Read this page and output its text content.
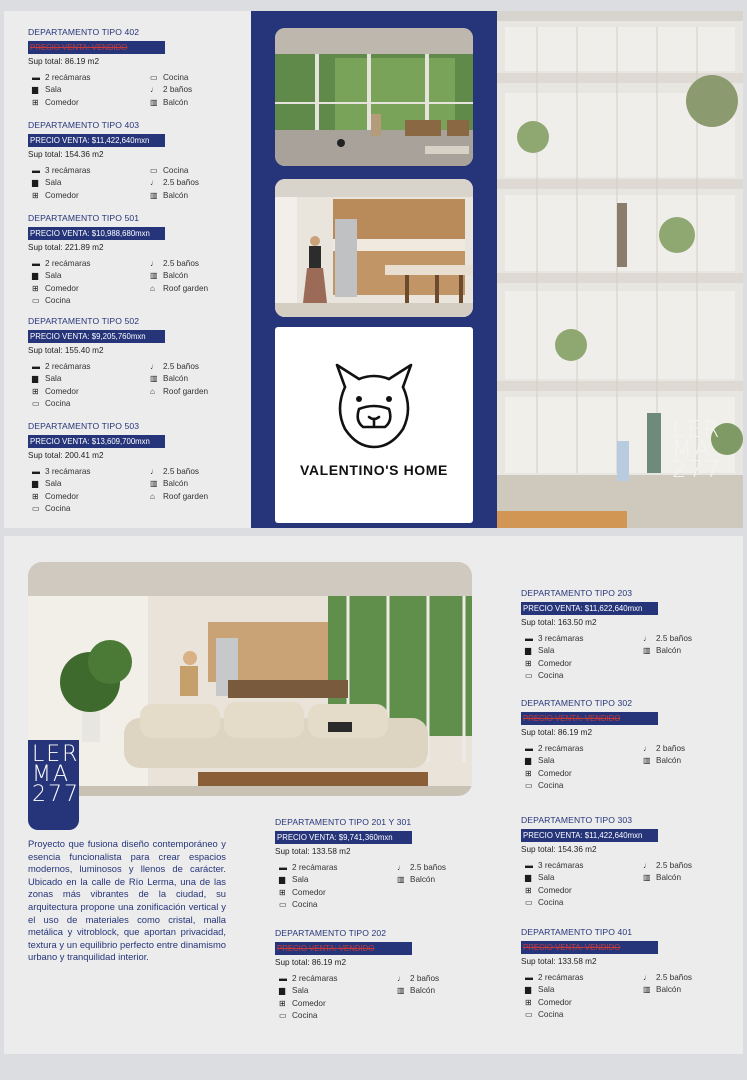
DEPARTAMENTO TIPO 402
PRECIO VENTA: VENDIDO
Sup total: 86.19 m2
▬ 2 recámaras
▆ Sala
⊞ Comedor
▭ Cocina
♩ 2 baños
▥ Balcón
DEPARTAMENTO TIPO 403
PRECIO VENTA: $11,422,640mxn
Sup total: 154.36 m2
▬ 3 recámaras
▆ Sala
⊞ Comedor
▭ Cocina
♩ 2.5 baños
▥ Balcón
DEPARTAMENTO TIPO 501
PRECIO VENTA: $10,988,680mxn
Sup total: 221.89 m2
▬ 2 recámaras
▆ Sala
⊞ Comedor
▭ Cocina
♩ 2.5 baños
▥ Balcón
⌂ Roof garden
DEPARTAMENTO TIPO 502
PRECIO VENTA: $9,205,760mxn
Sup total: 155.40 m2
▬ 2 recámaras
▆ Sala
⊞ Comedor
▭ Cocina
♩ 2.5 baños
▥ Balcón
⌂ Roof garden
DEPARTAMENTO TIPO 503
PRECIO VENTA: $13,609,700mxn
Sup total: 200.41 m2
▬ 3 recámaras
▆ Sala
⊞ Comedor
▭ Cocina
♩ 2.5 baños
▥ Balcón
⌂ Roof garden
VALENTINO'S HOME
LER
MA
277
LER
MA
277
Proyecto que fusiona diseño contemporáneo y esencia funcionalista para crear espacios modernos, luminosos y llenos de carácter. Ubicado en la calle de Río Lerma, una de las zonas más vibrantes de la ciudad, su arquitectura propone una zonificación vertical y el uso de materiales como cristal, malla metálica y vitroblock, que aportan privacidad, textura y un equilibrio perfecto entre dinamismo urbano y tranquilidad interior.
DEPARTAMENTO TIPO 203
PRECIO VENTA: $11,622,640mxn
Sup total: 163.50 m2
▬ 3 recámaras
▆ Sala
⊞ Comedor
▭ Cocina
♩ 2.5 baños
▥ Balcón
DEPARTAMENTO TIPO 302
PRECIO VENTA: VENDIDO
Sup total: 86.19 m2
▬ 2 recámaras
▆ Sala
⊞ Comedor
▭ Cocina
♩ 2 baños
▥ Balcón
DEPARTAMENTO TIPO 303
PRECIO VENTA: $11,422,640mxn
Sup total: 154.36 m2
▬ 3 recámaras
▆ Sala
⊞ Comedor
▭ Cocina
♩ 2.5 baños
▥ Balcón
DEPARTAMENTO TIPO 401
PRECIO VENTA: VENDIDO
Sup total: 133.58 m2
▬ 2 recámaras
▆ Sala
⊞ Comedor
▭ Cocina
♩ 2.5 baños
▥ Balcón
DEPARTAMENTO TIPO 201 Y 301
PRECIO VENTA: $9,741,360mxn
Sup total: 133.58 m2
▬ 2 recámaras
▆ Sala
⊞ Comedor
▭ Cocina
♩ 2.5 baños
▥ Balcón
DEPARTAMENTO TIPO 202
PRECIO VENTA: VENDIDO
Sup total: 86.19 m2
▬ 2 recámaras
▆ Sala
⊞ Comedor
▭ Cocina
♩ 2 baños
▥ Balcón
